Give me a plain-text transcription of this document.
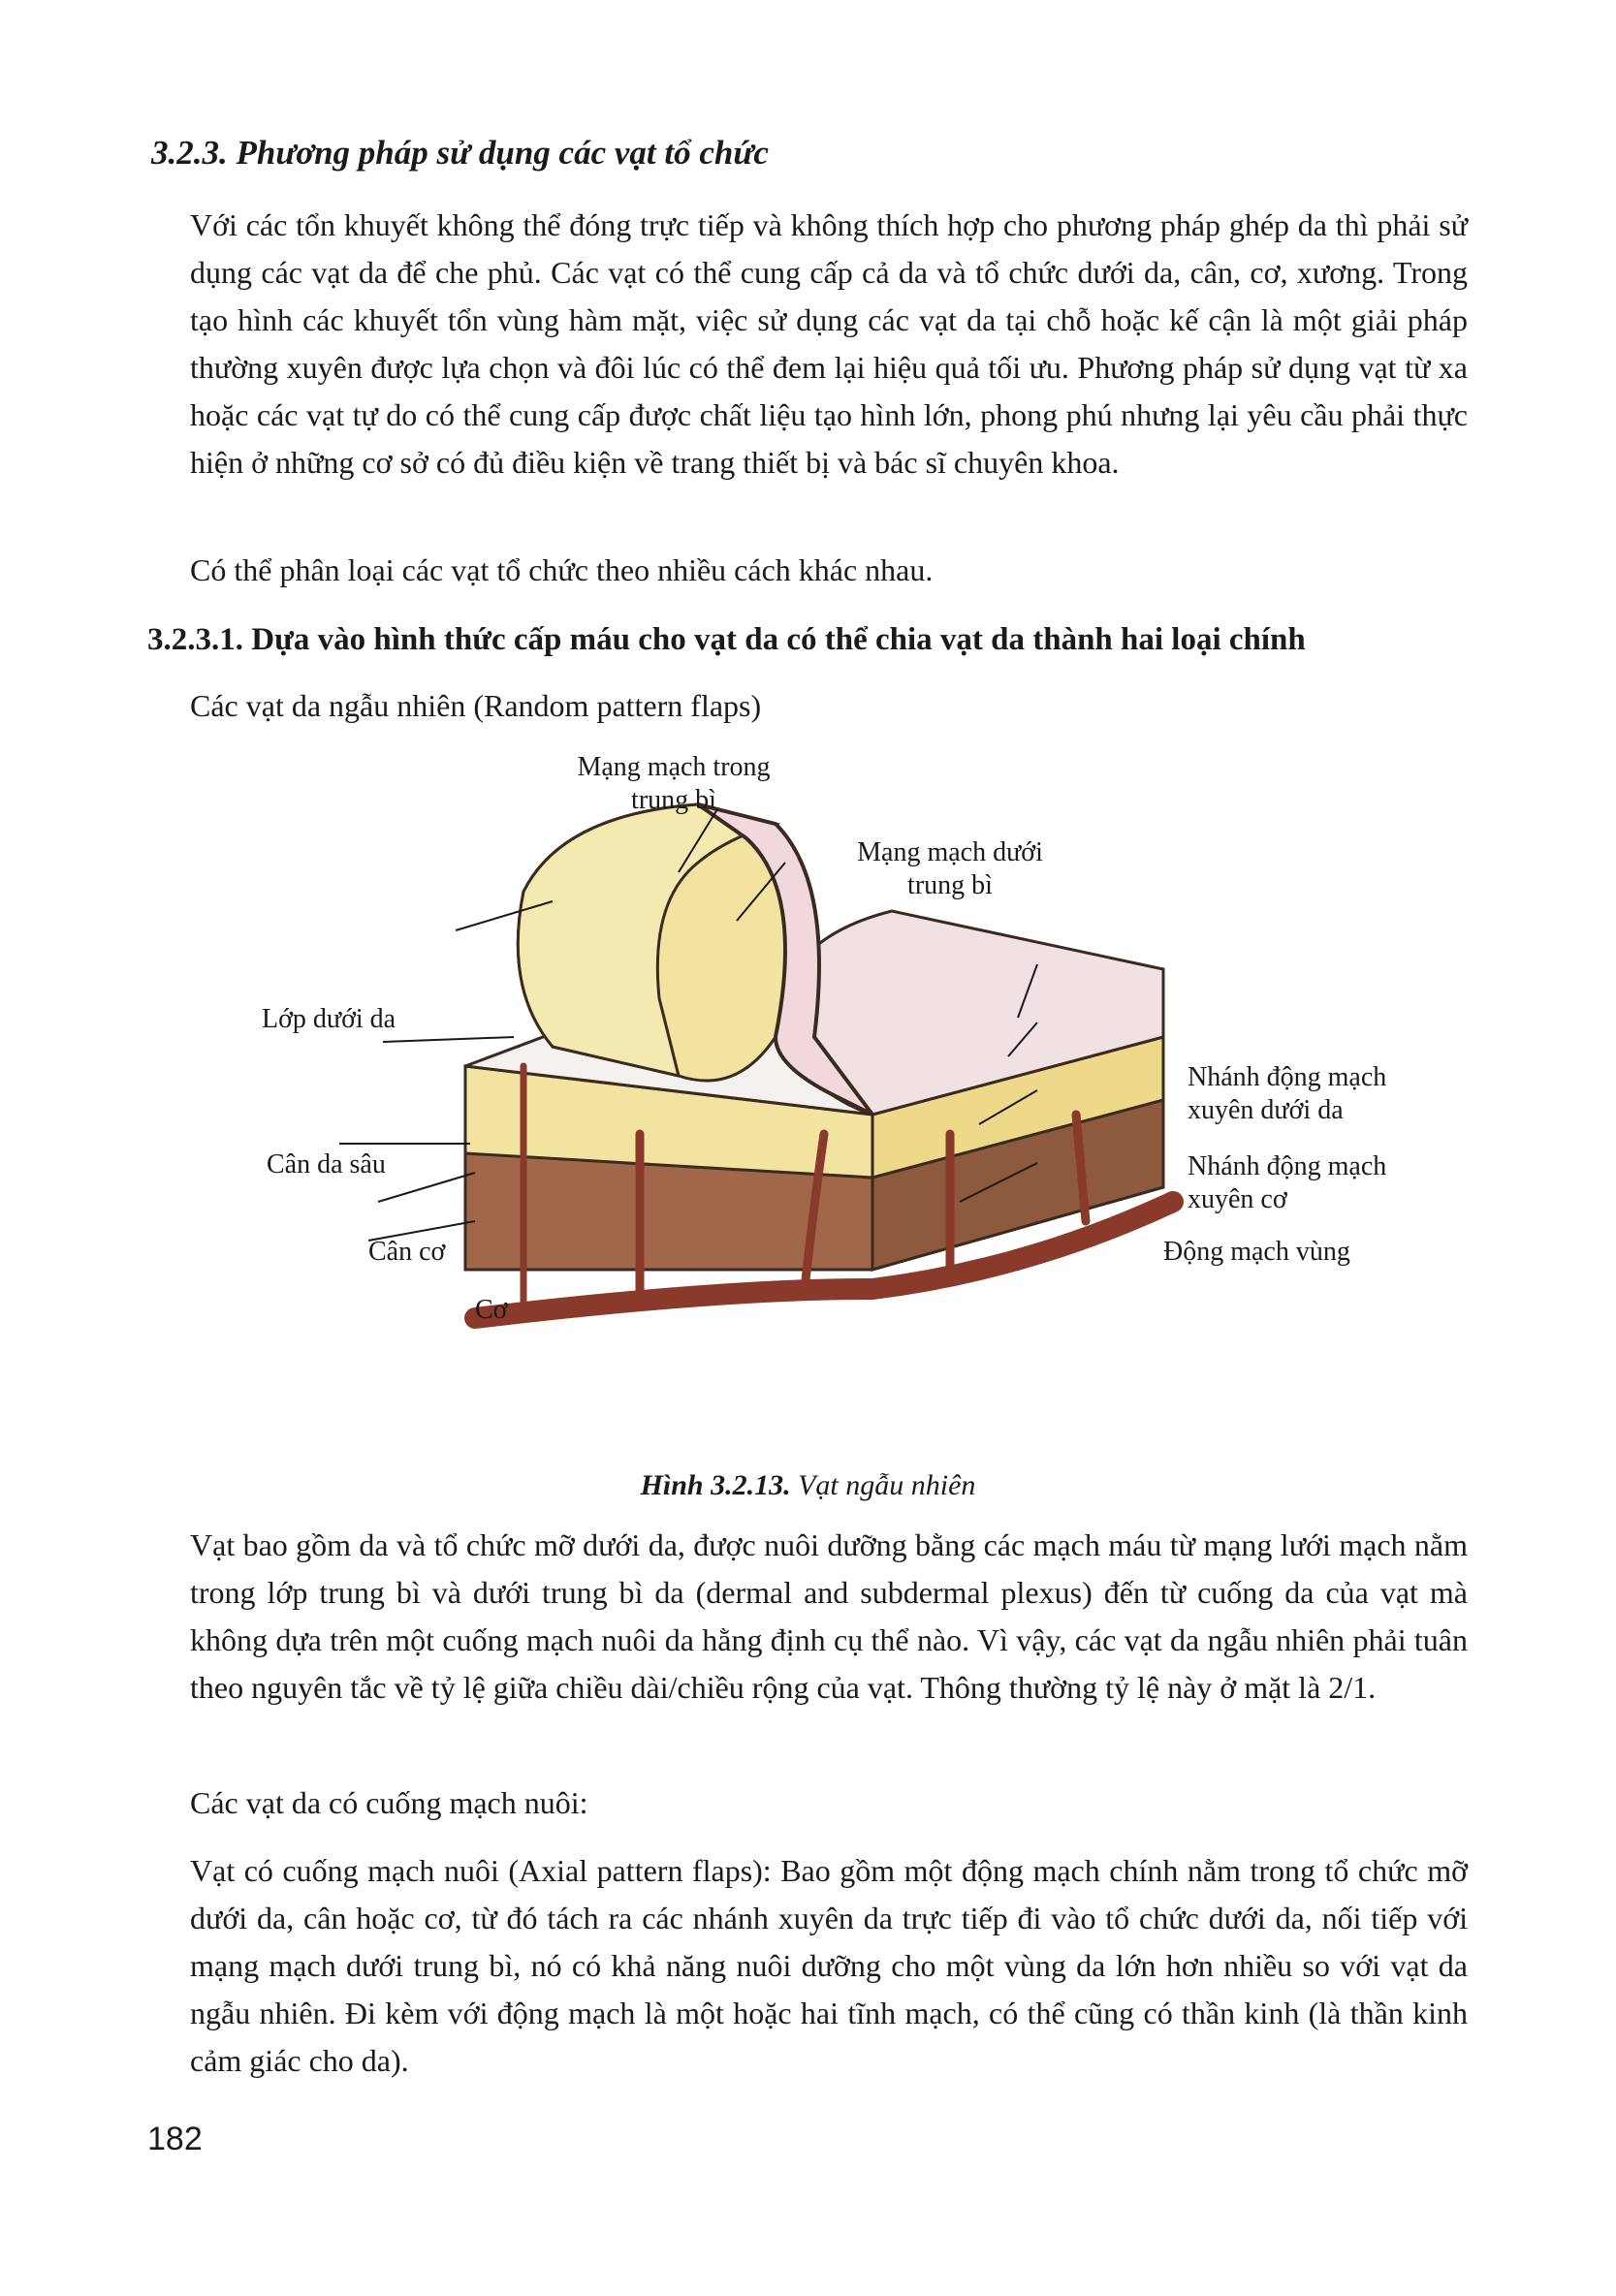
3.2.3. Phương pháp sử dụng các vạt tổ chức

Với các tổn khuyết không thể đóng trực tiếp và không thích hợp cho phương pháp ghép da thì phải sử dụng các vạt da để che phủ. Các vạt có thể cung cấp cả da và tổ chức dưới da, cân, cơ, xương. Trong tạo hình các khuyết tổn vùng hàm mặt, việc sử dụng các vạt da tại chỗ hoặc kế cận là một giải pháp thường xuyên được lựa chọn và đôi lúc có thể đem lại hiệu quả tối ưu. Phương pháp sử dụng vạt từ xa hoặc các vạt tự do có thể cung cấp được chất liệu tạo hình lớn, phong phú nhưng lại yêu cầu phải thực hiện ở những cơ sở có đủ điều kiện về trang thiết bị và bác sĩ chuyên khoa.

Có thể phân loại các vạt tổ chức theo nhiều cách khác nhau.

3.2.3.1. Dựa vào hình thức cấp máu cho vạt da có thể chia vạt da thành hai loại chính

Các vạt da ngẫu nhiên (Random pattern flaps)

Mạng mạch trong
trung bì
Mạng mạch dưới
trung bì
Lớp dưới da
Nhánh động mạch
xuyên dưới da
Cân da sâu	Nhánh động mạch
xuyên cơ
Cân cơ	Động mạch vùng
Cơ

Hình 3.2.13. Vạt ngẫu nhiên

Vạt bao gồm da và tổ chức mỡ dưới da, được nuôi dưỡng bằng các mạch máu từ mạng lưới mạch nằm trong lớp trung bì và dưới trung bì da (dermal and subdermal plexus) đến từ cuống da của vạt mà không dựa trên một cuống mạch nuôi da hằng định cụ thể nào. Vì vậy, các vạt da ngẫu nhiên phải tuân theo nguyên tắc về tỷ lệ giữa chiều dài/chiều rộng của vạt. Thông thường tỷ lệ này ở mặt là 2/1.

Các vạt da có cuống mạch nuôi:

Vạt có cuống mạch nuôi (Axial pattern flaps): Bao gồm một động mạch chính nằm trong tổ chức mỡ dưới da, cân hoặc cơ, từ đó tách ra các nhánh xuyên da trực tiếp đi vào tổ chức dưới da, nối tiếp với mạng mạch dưới trung bì, nó có khả năng nuôi dưỡng cho một vùng da lớn hơn nhiều so với vạt da ngẫu nhiên. Đi kèm với động mạch là một hoặc hai tĩnh mạch, có thể cũng có thần kinh (là thần kinh cảm giác cho da).

182
